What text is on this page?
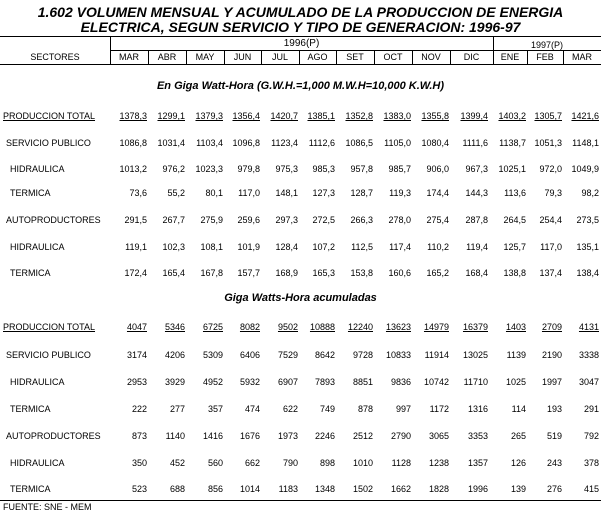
1.602 VOLUMEN MENSUAL Y ACUMULADO DE LA PRODUCCION DE ENERGIA
ELECTRICA, SEGUN SERVICIO Y TIPO DE GENERACION: 1996-97
SECTORES
1996(P)	1997(P)
MAR	ABR	MAY	JUN	JUL	AGO	SET	OCT	NOV	DIC	ENE	FEB	MAR
En Giga Watt-Hora (G.W.H.=1,000 M.W.H=10,000 K.W.H)
Giga Watts-Hora acumuladas
PRODUCCION TOTAL	1378,3	1299,1	1379,3	1356,4	1420,7	1385,1	1352,8	1383,0	1355,8	1399,4	1403,2 1305,7	1421,6
SERVICIO PUBLICO	1086,8	1031,4	1103,4	1096,8	1123,4	1112,6	1086,5	1105,0	1080,4	1111,6	1138,7 1051,3	1148,1
HIDRAULICA	1013,2	976,2	1023,3	979,8	975,3	985,3	957,8	985,7	906,0	967,3	1025,1	972,0	1049,9
TERMICA	73,6	55,2	80,1	117,0	148,1	127,3	128,7	119,3	174,4	144,3	113,6	79,3	98,2
AUTOPRODUCTORES	291,5	267,7	275,9	259,6	297,3	272,5	266,3	278,0	275,4	287,8	264,5	254,4	273,5
HIDRAULICA	119,1	102,3	108,1	101,9	128,4	107,2	112,5	117,4	110,2	119,4	125,7	117,0	135,1
TERMICA	172,4	165,4	167,8	157,7	168,9	165,3	153,8	160,6	165,2	168,4	138,8	137,4	138,4
PRODUCCION TOTAL	4047	5346	6725	8082	9502	10888	12240	13623	14979	16379	1403	2709	4131
SERVICIO PUBLICO	3174	4206	5309	6406	7529	8642	9728	10833	11914	13025	1139	2190	3338
HIDRAULICA	2953	3929	4952	5932	6907	7893	8851	9836	10742	11710	1025	1997	3047
TERMICA	222	277	357	474	622	749	878	997	1172	1316	114	193	291
AUTOPRODUCTORES	873	1140	1416	1676	1973	2246	2512	2790	3065	3353	265	519	792
HIDRAULICA	350	452	560	662	790	898	1010	1128	1238	1357	126	243	378
TERMICA	523	688	856	1014	1183	1348	1502	1662	1828	1996	139	276	415
FUENTE: SNE - MEM
